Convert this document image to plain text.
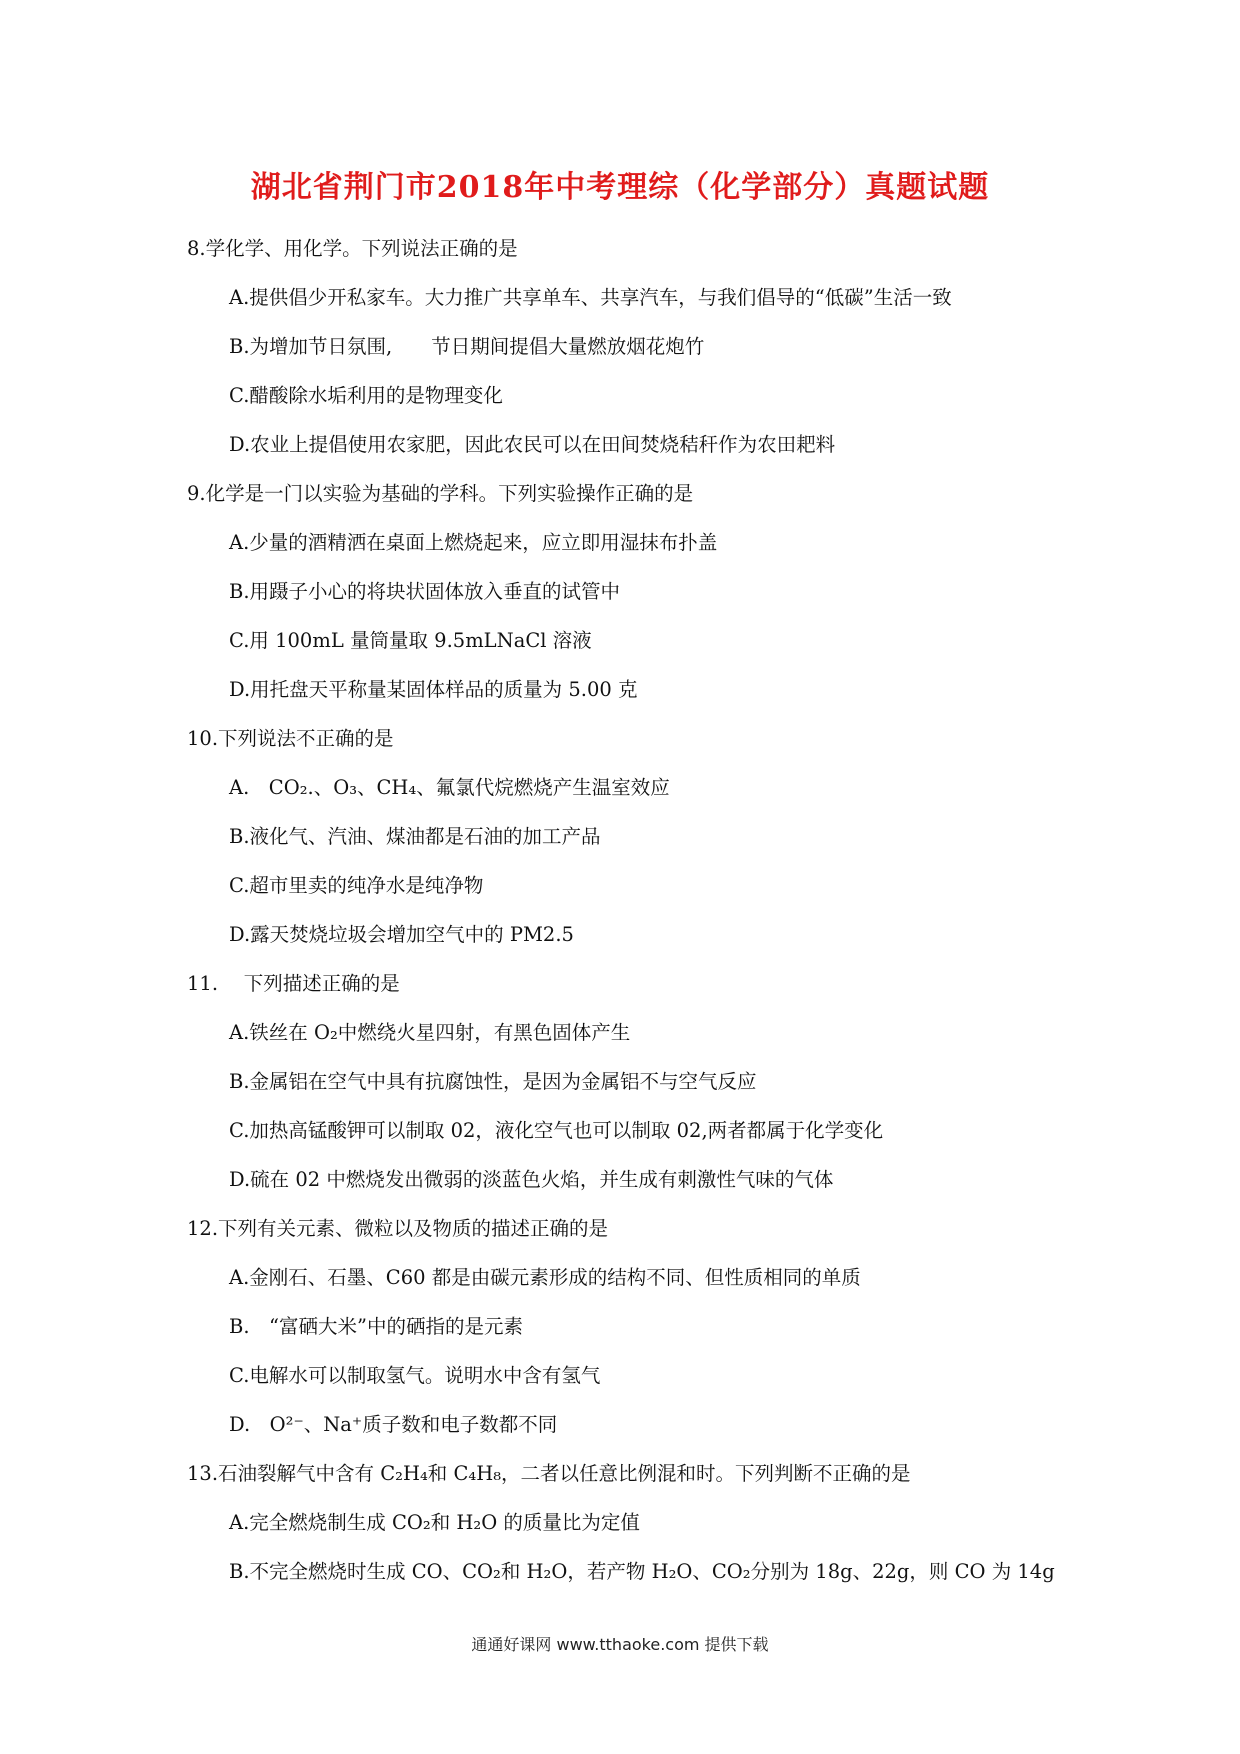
湖北省荆门市2018年中考理综（化学部分）真题试题
8.学化学、用化学。下列说法正确的是
A.提供倡少开私家车。大力推广共享单车、共享汽车，与我们倡导的“低碳”生活一致
B.为增加节日氛围,　　节日期间提倡大量燃放烟花炮竹
C.醋酸除水垢利用的是物理变化
D.农业上提倡使用农家肥，因此农民可以在田间焚烧秸秆作为农田耙料
9.化学是一门以实验为基础的学科。下列实验操作正确的是
A.少量的酒精洒在桌面上燃烧起来，应立即用湿抹布扑盖
B.用蹑子小心的将块状固体放入垂直的试管中
C.用 100mL 量筒量取 9.5mLNaCl 溶液
D.用托盘天平称量某固体样品的质量为 5.00 克
10.下列说法不正确的是
A.　CO₂.、O₃、CH₄、氟氯代烷燃烧产生温室效应
B.液化气、汽油、煤油都是石油的加工产品
C.超市里卖的纯净水是纯净物
D.露天焚烧垃圾会增加空气中的 PM2.5
11.　 下列描述正确的是
A.铁丝在 O₂中燃绕火星四射，有黑色固体产生
B.金属铝在空气中具有抗腐蚀性，是因为金属铝不与空气反应
C.加热高锰酸钾可以制取 02，液化空气也可以制取 02,两者都属于化学变化
D.硫在 02 中燃烧发出微弱的淡蓝色火焰，并生成有刺激性气味的气体
12.下列有关元素、微粒以及物质的描述正确的是
A.金刚石、石墨、C60 都是由碳元素形成的结构不同、但性质相同的单质
B.　“富硒大米”中的硒指的是元素
C.电解水可以制取氢气。说明水中含有氢气
D.　O²⁻、Na⁺质子数和电子数都不同
13.石油裂解气中含有 C₂H₄和 C₄H₈，二者以任意比例混和时。下列判断不正确的是
A.完全燃烧制生成 CO₂和 H₂O 的质量比为定值
B.不完全燃烧时生成 CO、CO₂和 H₂O，若产物 H₂O、CO₂分别为 18g、22g，则 CO 为 14g
通通好课网 www.tthaoke.com 提供下载
